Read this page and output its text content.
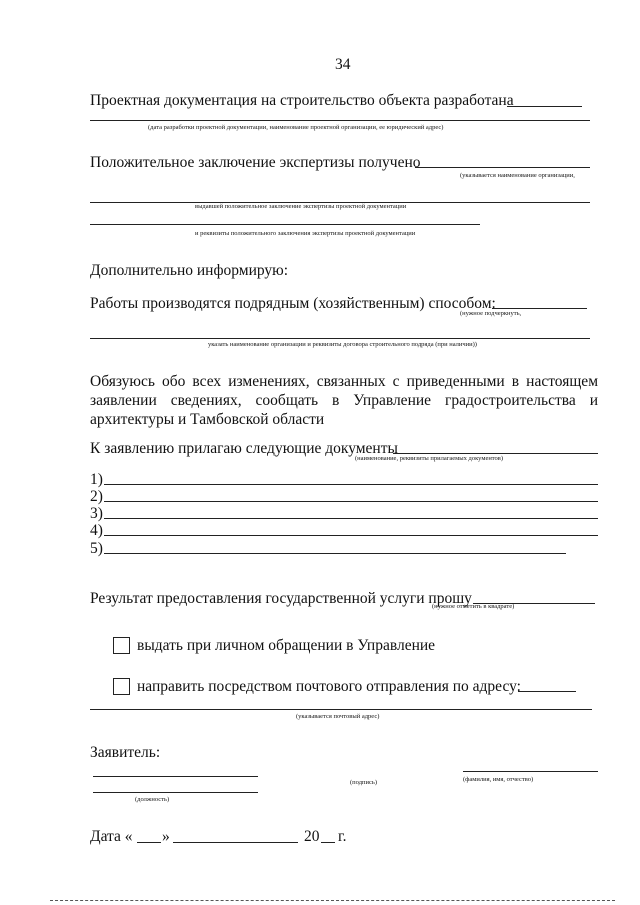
34
Проектная документация на строительство объекта разработана
(дата разработки проектной документации, наименование проектной организации, ее юридический адрес)
Положительное заключение экспертизы получено
(указывается наименование организации,
выдавшей положительное заключение экспертизы проектной документации
и реквизиты положительного заключения экспертизы проектной документации
Дополнительно информирую:
Работы производятся подрядным (хозяйственным) способом:
(нужное подчеркнуть,
указать наименование организации и реквизиты договора строительного подряда (при наличии))
Обязуюсь обо всех изменениях, связанных с приведенными в настоящем
заявлении сведениях, сообщать в Управление градостроительства и
архитектуры и Тамбовской области
К заявлению прилагаю следующие документы
(наименование, реквизиты прилагаемых документов)
1)
2)
3)
4)
5)
Результат предоставления государственной услуги прошу
(нужное отметить в квадрате)
выдать при личном обращении в Управление
направить посредством почтового отправления по адресу:
(указывается почтовый адрес)
Заявитель:
(подпись)	(фамилия, имя, отчество)
(должность)
Дата « »	20 г.
